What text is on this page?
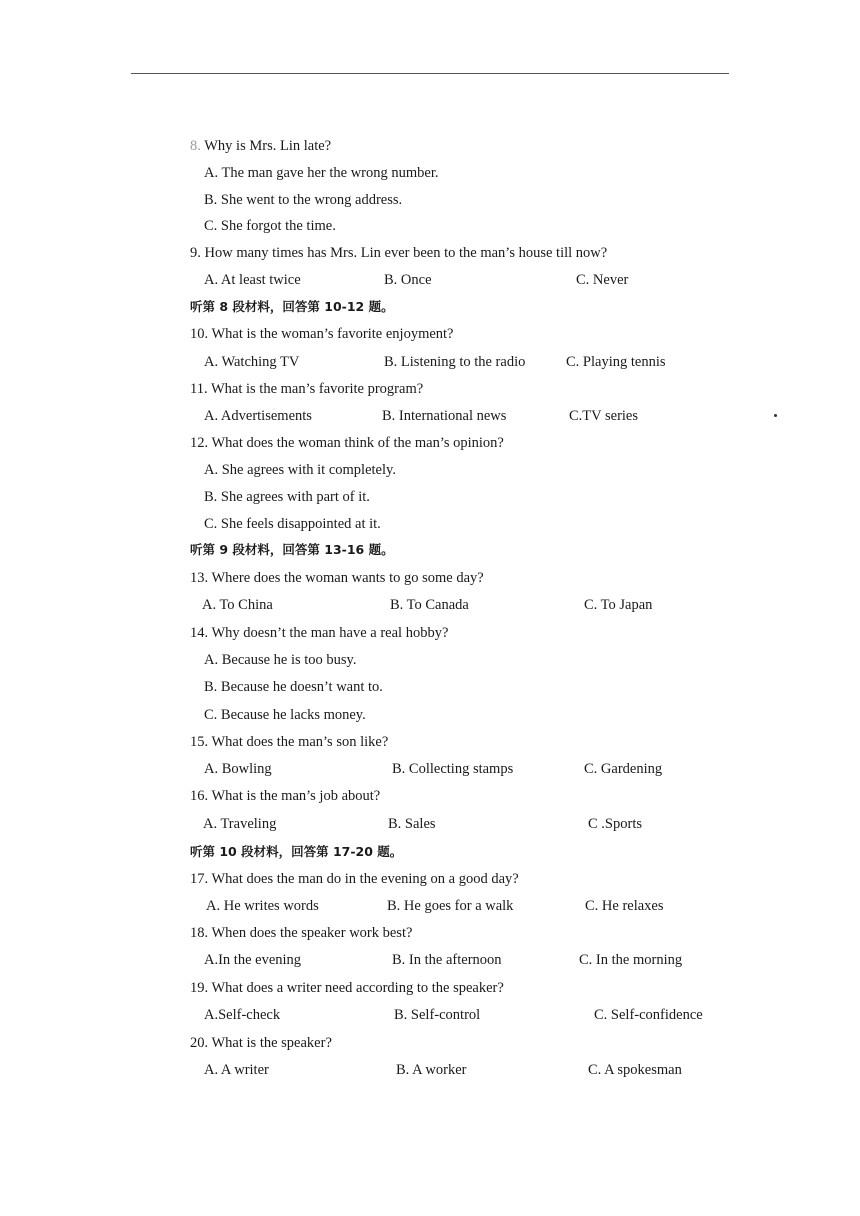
8. Why is Mrs. Lin late?
A. The man gave her the wrong number.
B. She went to the wrong address.
C. She forgot the time.
9. How many times has Mrs. Lin ever been to the man’s house till now?
A. At least twice	B. Once	C. Never
听第 8 段材料，回答第 10-12 题。
10. What is the woman’s favorite enjoyment?
A. Watching TV	B. Listening to the radio	C. Playing tennis
11. What is the man’s favorite program?
A. Advertisements	B. International news	C.TV series
12. What does the woman think of the man’s opinion?
A. She agrees with it completely.
B. She agrees with part of it.
C. She feels disappointed at it.
听第 9 段材料，回答第 13-16 题。
13. Where does the woman wants to go some day?
A. To China	B. To Canada	C. To Japan
14. Why doesn’t the man have a real hobby?
A. Because he is too busy.
B. Because he doesn’t want to.
C. Because he lacks money.
15. What does the man’s son like?
A. Bowling	B. Collecting stamps	C. Gardening
16. What is the man’s job about?
A. Traveling	B. Sales	C .Sports
听第 10 段材料，回答第 17-20 题。
17. What does the man do in the evening on a good day?
A. He writes words	B. He goes for a walk	C. He relaxes
18. When does the speaker work best?
A.In the evening	B. In the afternoon	C. In the morning
19. What does a writer need according to the speaker?
A.Self-check	B. Self-control	C. Self-confidence
20. What is the speaker?
A. A writer	B. A worker	C. A spokesman
